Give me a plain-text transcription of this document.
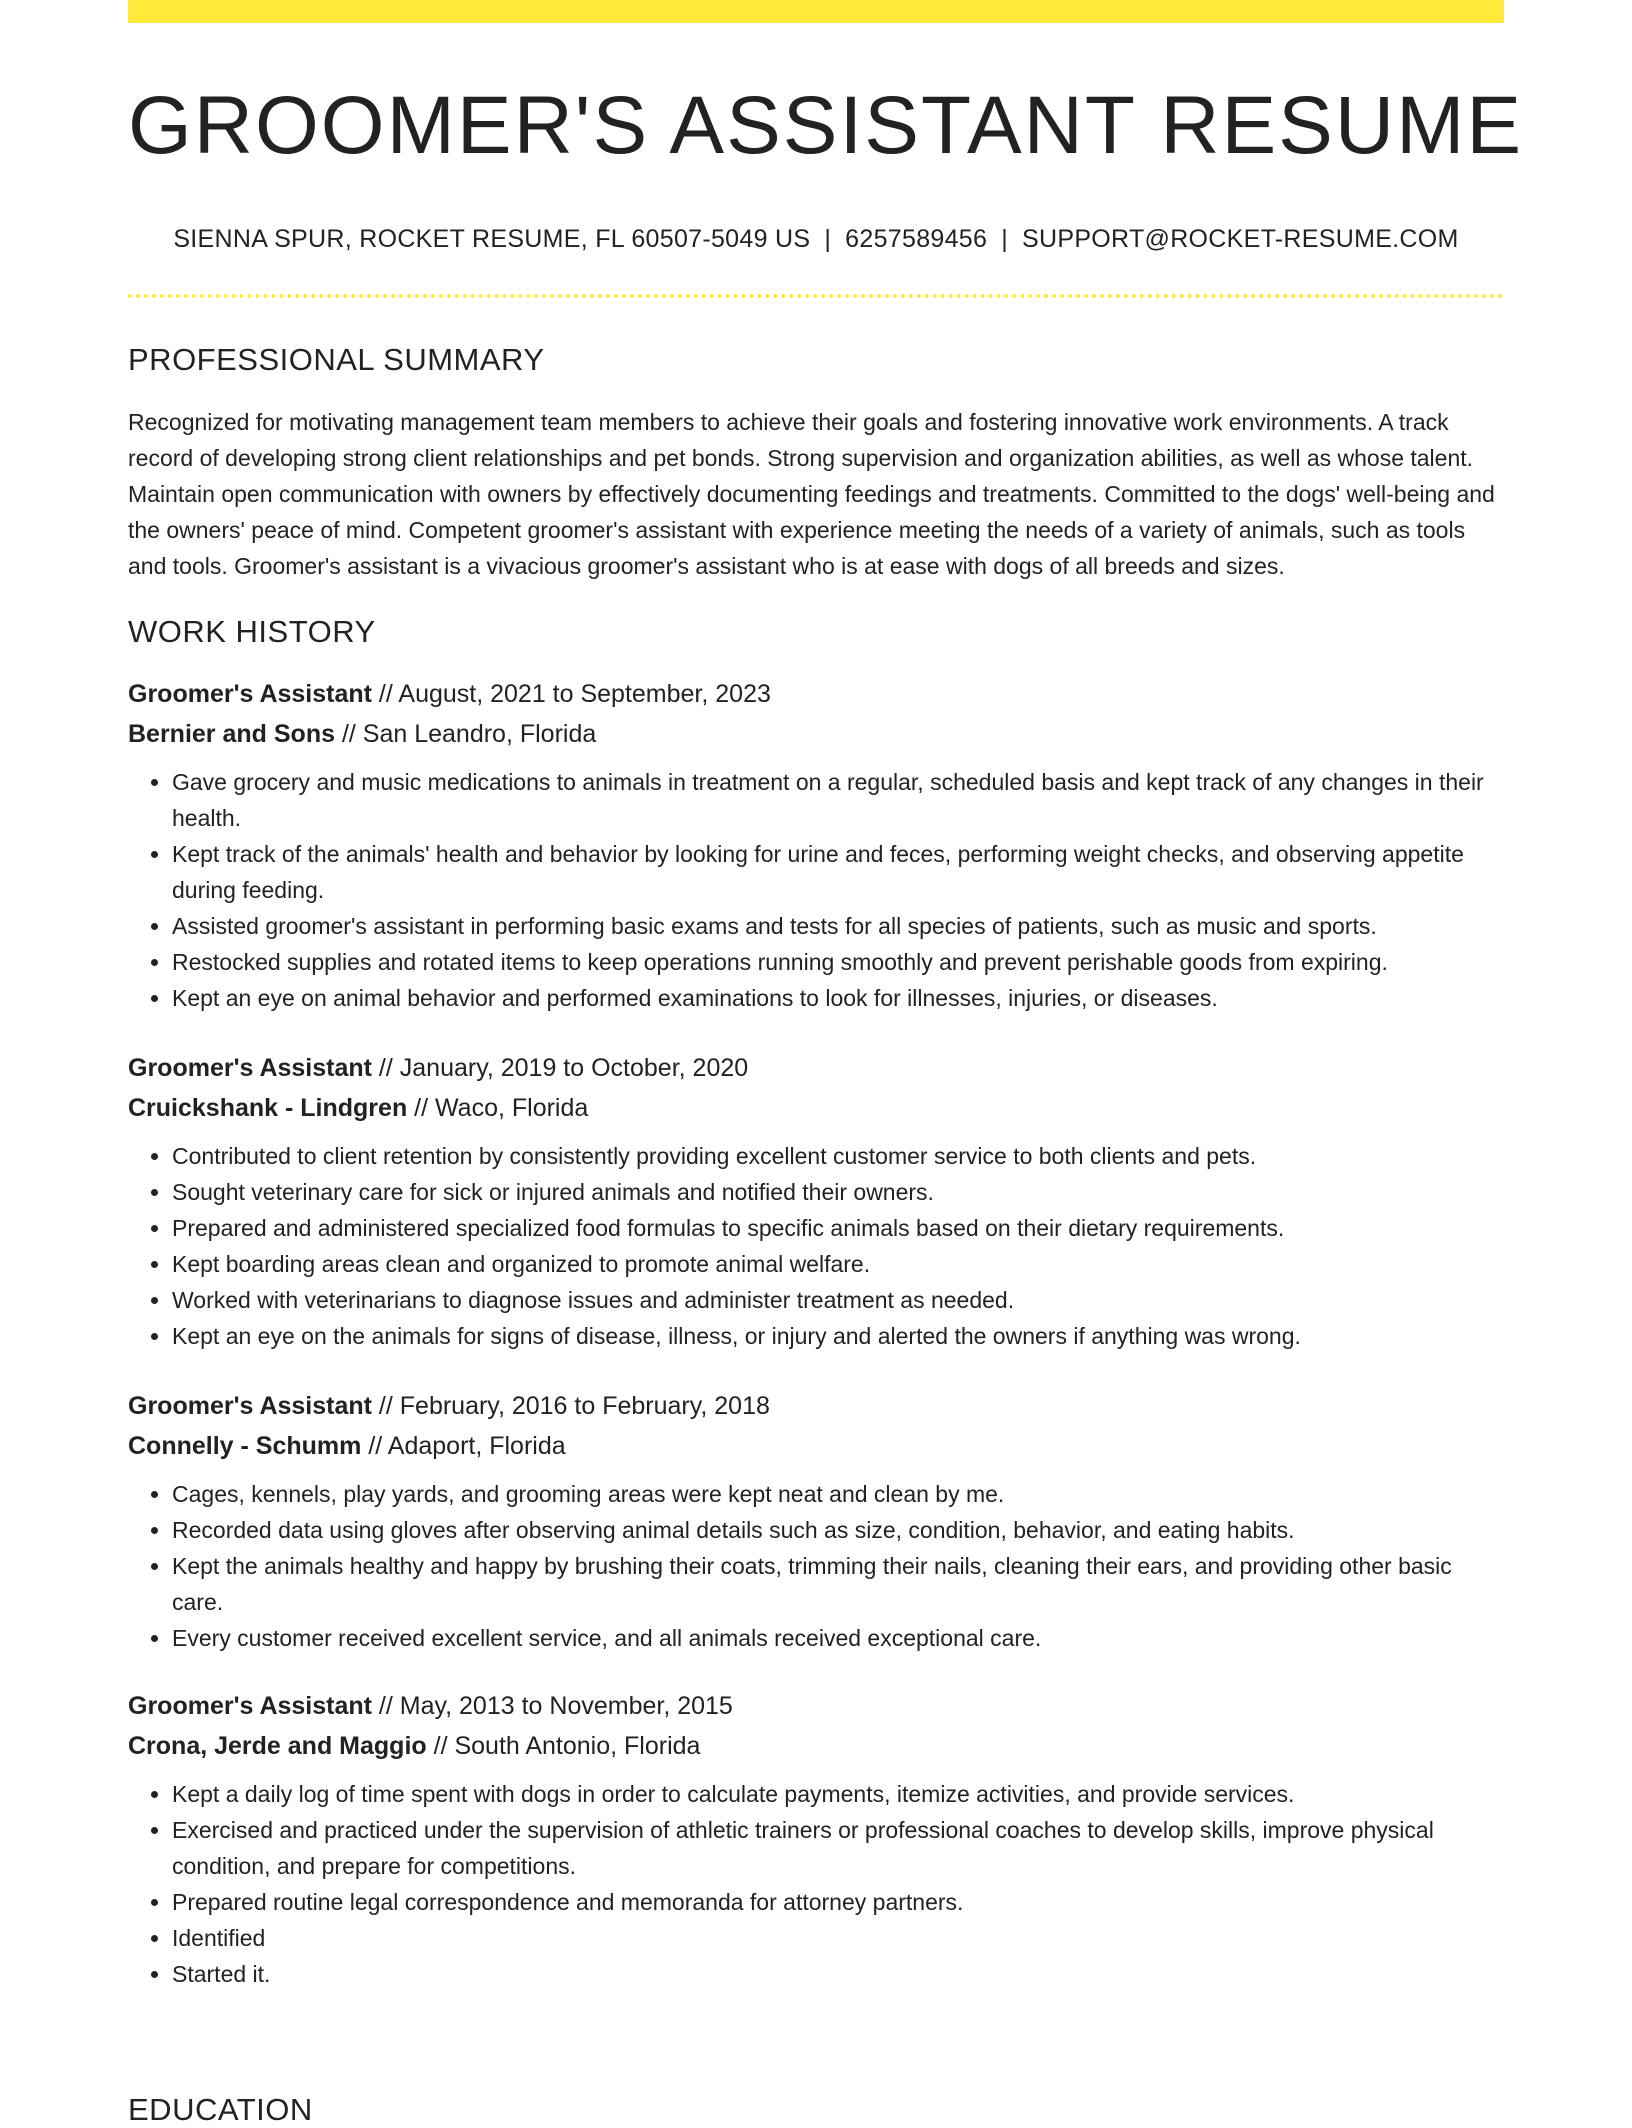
GROOMER'S ASSISTANT RESUME
SIENNA SPUR, ROCKET RESUME, FL 60507-5049 US | 6257589456 | SUPPORT@ROCKET-RESUME.COM
PROFESSIONAL SUMMARY

Recognized for motivating management team members to achieve their goals and fostering innovative work environments. A track record of developing strong client relationships and pet bonds. Strong supervision and organization abilities, as well as whose talent. Maintain open communication with owners by effectively documenting feedings and treatments. Committed to the dogs' well-being and the owners' peace of mind. Competent groomer's assistant with experience meeting the needs of a variety of animals, such as tools and tools. Groomer's assistant is a vivacious groomer's assistant who is at ease with dogs of all breeds and sizes.

WORK HISTORY
Groomer's Assistant // August, 2021 to September, 2023
Bernier and Sons // San Leandro, Florida
• Gave grocery and music medications to animals in treatment on a regular, scheduled basis and kept track of any changes in their health.
• Kept track of the animals' health and behavior by looking for urine and feces, performing weight checks, and observing appetite during feeding.
• Assisted groomer's assistant in performing basic exams and tests for all species of patients, such as music and sports.
• Restocked supplies and rotated items to keep operations running smoothly and prevent perishable goods from expiring.
• Kept an eye on animal behavior and performed examinations to look for illnesses, injuries, or diseases.
Groomer's Assistant // January, 2019 to October, 2020
Cruickshank - Lindgren // Waco, Florida
• Contributed to client retention by consistently providing excellent customer service to both clients and pets.
• Sought veterinary care for sick or injured animals and notified their owners.
• Prepared and administered specialized food formulas to specific animals based on their dietary requirements.
• Kept boarding areas clean and organized to promote animal welfare.
• Worked with veterinarians to diagnose issues and administer treatment as needed.
• Kept an eye on the animals for signs of disease, illness, or injury and alerted the owners if anything was wrong.
Groomer's Assistant // February, 2016 to February, 2018
Connelly - Schumm // Adaport, Florida
• Cages, kennels, play yards, and grooming areas were kept neat and clean by me.
• Recorded data using gloves after observing animal details such as size, condition, behavior, and eating habits.
• Kept the animals healthy and happy by brushing their coats, trimming their nails, cleaning their ears, and providing other basic care.
• Every customer received excellent service, and all animals received exceptional care.
Groomer's Assistant // May, 2013 to November, 2015
Crona, Jerde and Maggio // South Antonio, Florida
• Kept a daily log of time spent with dogs in order to calculate payments, itemize activities, and provide services.
• Exercised and practiced under the supervision of athletic trainers or professional coaches to develop skills, improve physical condition, and prepare for competitions.
• Prepared routine legal correspondence and memoranda for attorney partners.
• Identified
• Started it.
EDUCATION
